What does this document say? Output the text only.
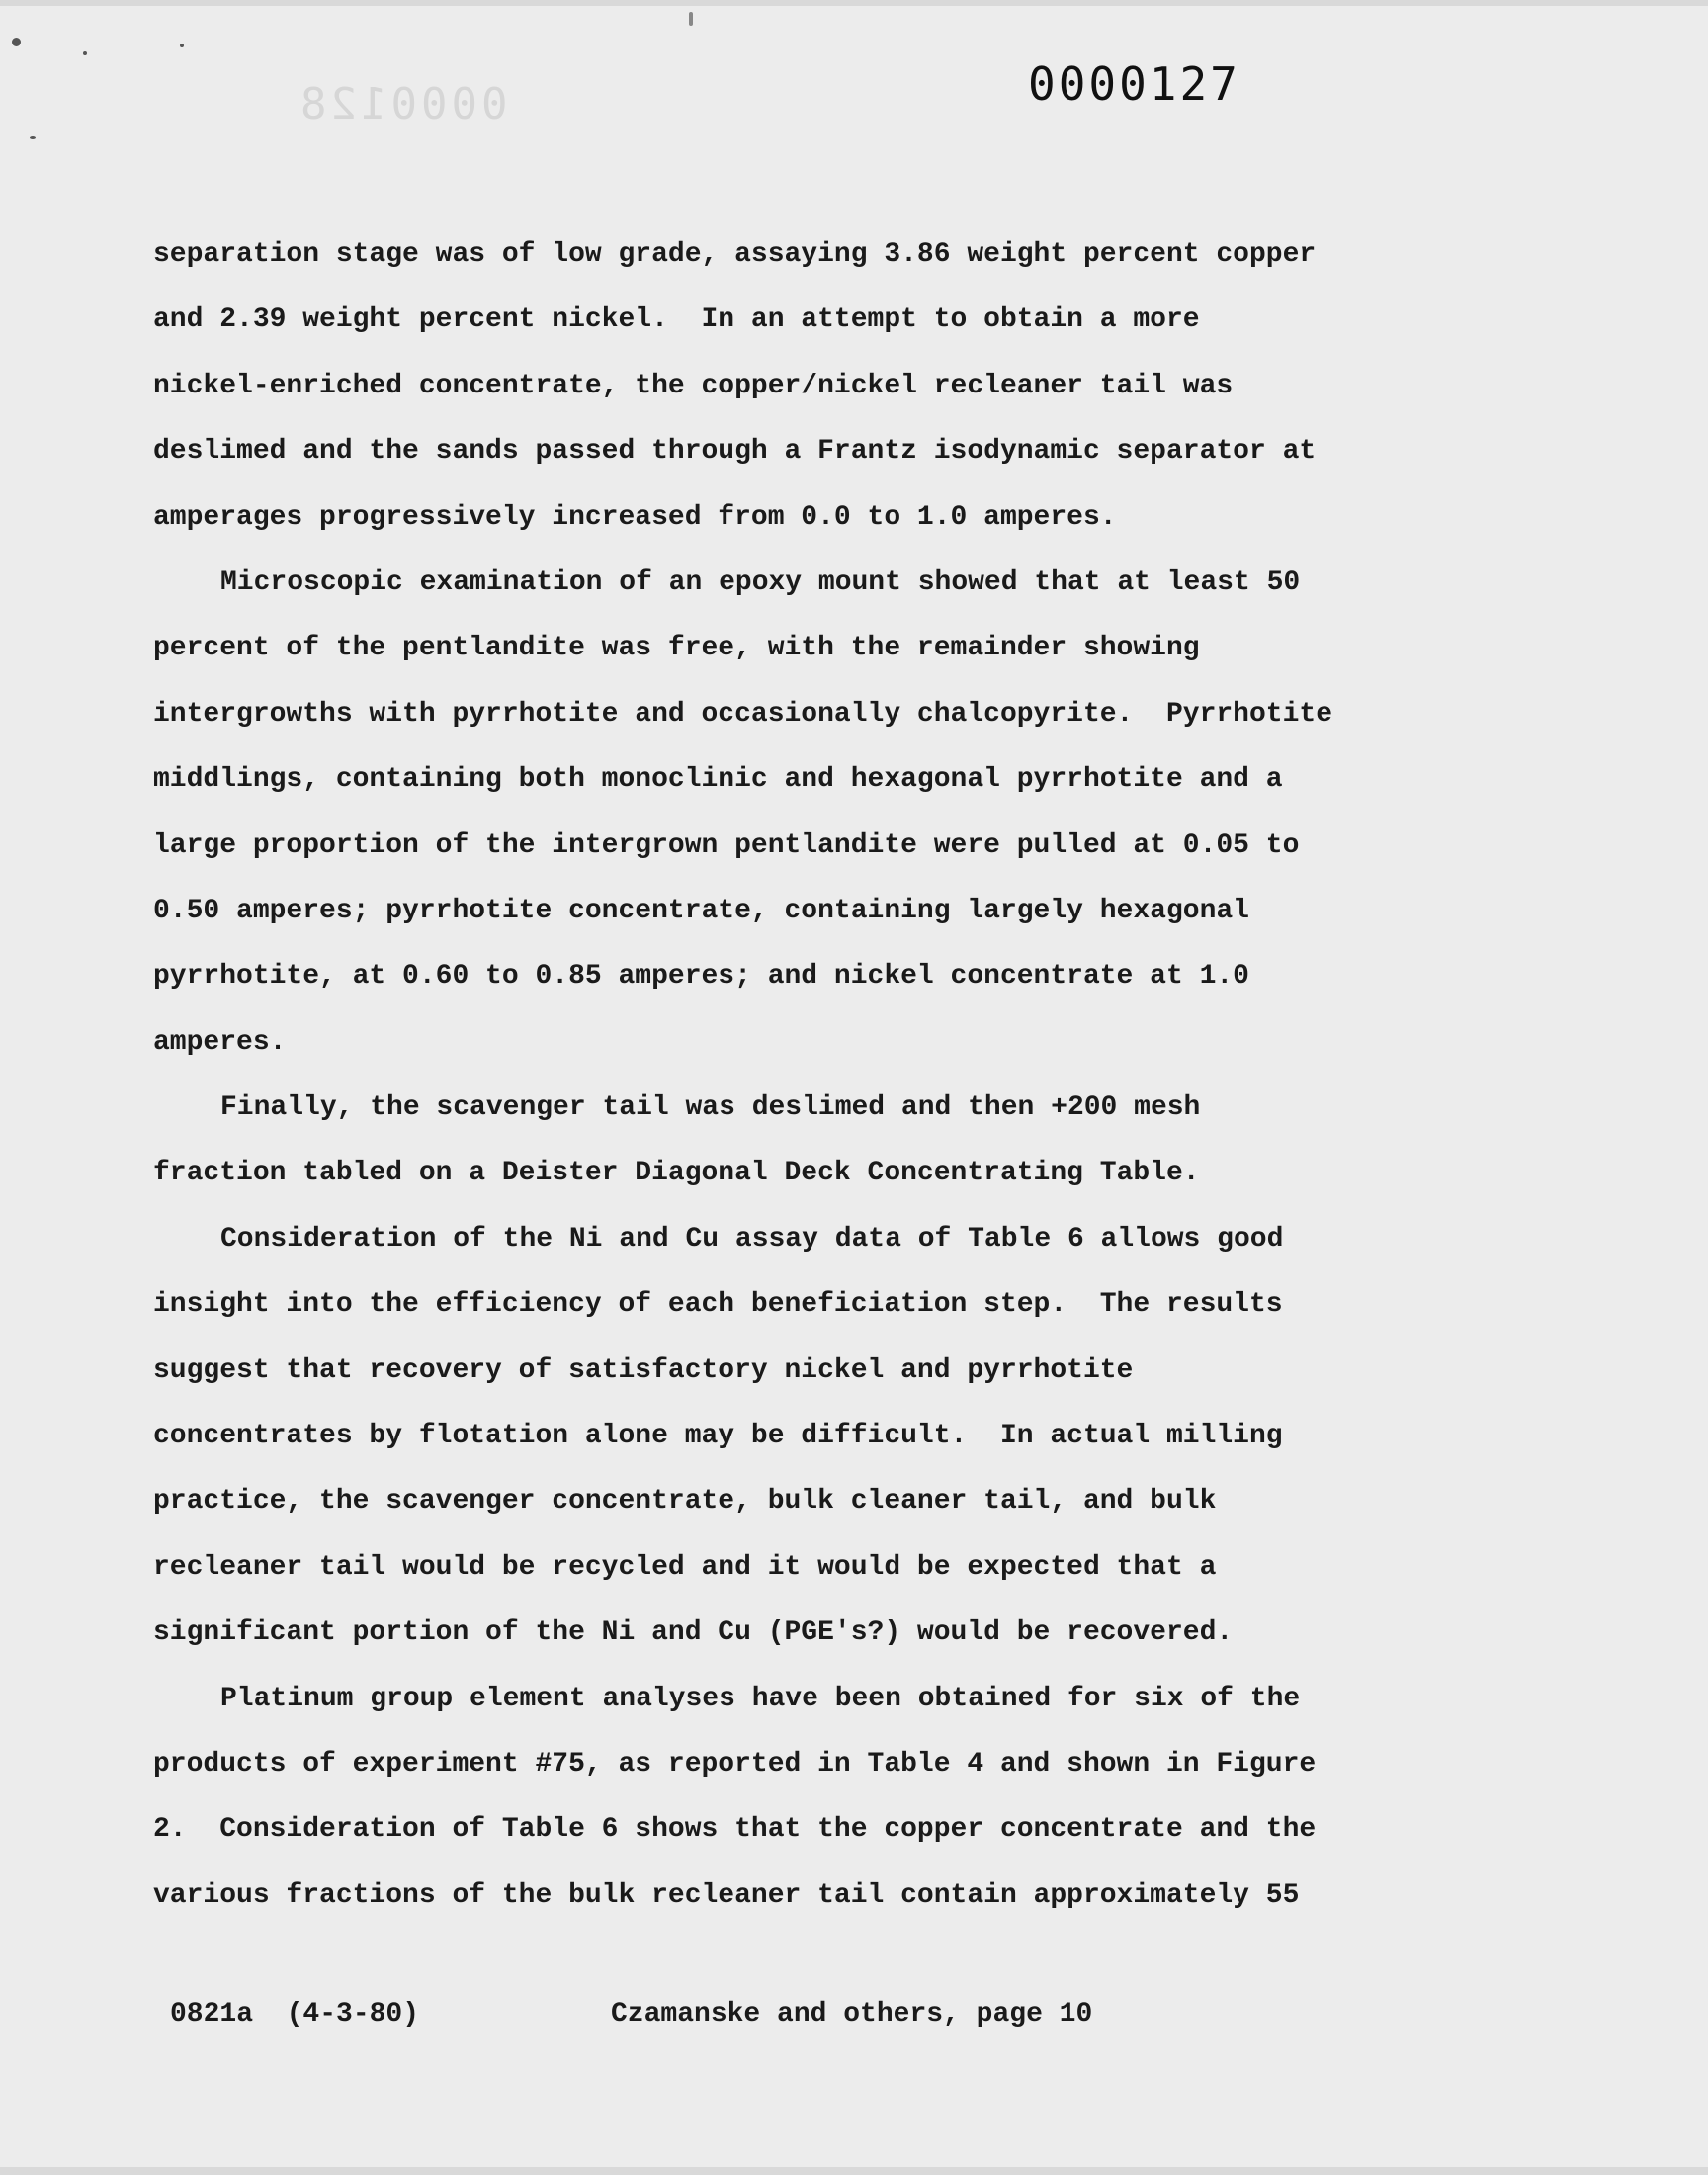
0000128	0000127
separation stage was of low grade, assaying 3.86 weight percent copper
and 2.39 weight percent nickel.  In an attempt to obtain a more
nickel-enriched concentrate, the copper/nickel recleaner tail was
deslimed and the sands passed through a Frantz isodynamic separator at
amperages progressively increased from 0.0 to 1.0 amperes.
Microscopic examination of an epoxy mount showed that at least 50
percent of the pentlandite was free, with the remainder showing
intergrowths with pyrrhotite and occasionally chalcopyrite.  Pyrrhotite
middlings, containing both monoclinic and hexagonal pyrrhotite and a
large proportion of the intergrown pentlandite were pulled at 0.05 to
0.50 amperes; pyrrhotite concentrate, containing largely hexagonal
pyrrhotite, at 0.60 to 0.85 amperes; and nickel concentrate at 1.0
amperes.
Finally, the scavenger tail was deslimed and then +200 mesh
fraction tabled on a Deister Diagonal Deck Concentrating Table.
Consideration of the Ni and Cu assay data of Table 6 allows good
insight into the efficiency of each beneficiation step.  The results
suggest that recovery of satisfactory nickel and pyrrhotite
concentrates by flotation alone may be difficult.  In actual milling
practice, the scavenger concentrate, bulk cleaner tail, and bulk
recleaner tail would be recycled and it would be expected that a
significant portion of the Ni and Cu (PGE's?) would be recovered.
Platinum group element analyses have been obtained for six of the
products of experiment #75, as reported in Table 4 and shown in Figure
2.  Consideration of Table 6 shows that the copper concentrate and the
various fractions of the bulk recleaner tail contain approximately 55
0821a  (4-3-80)	Czamanske and others, page 10
